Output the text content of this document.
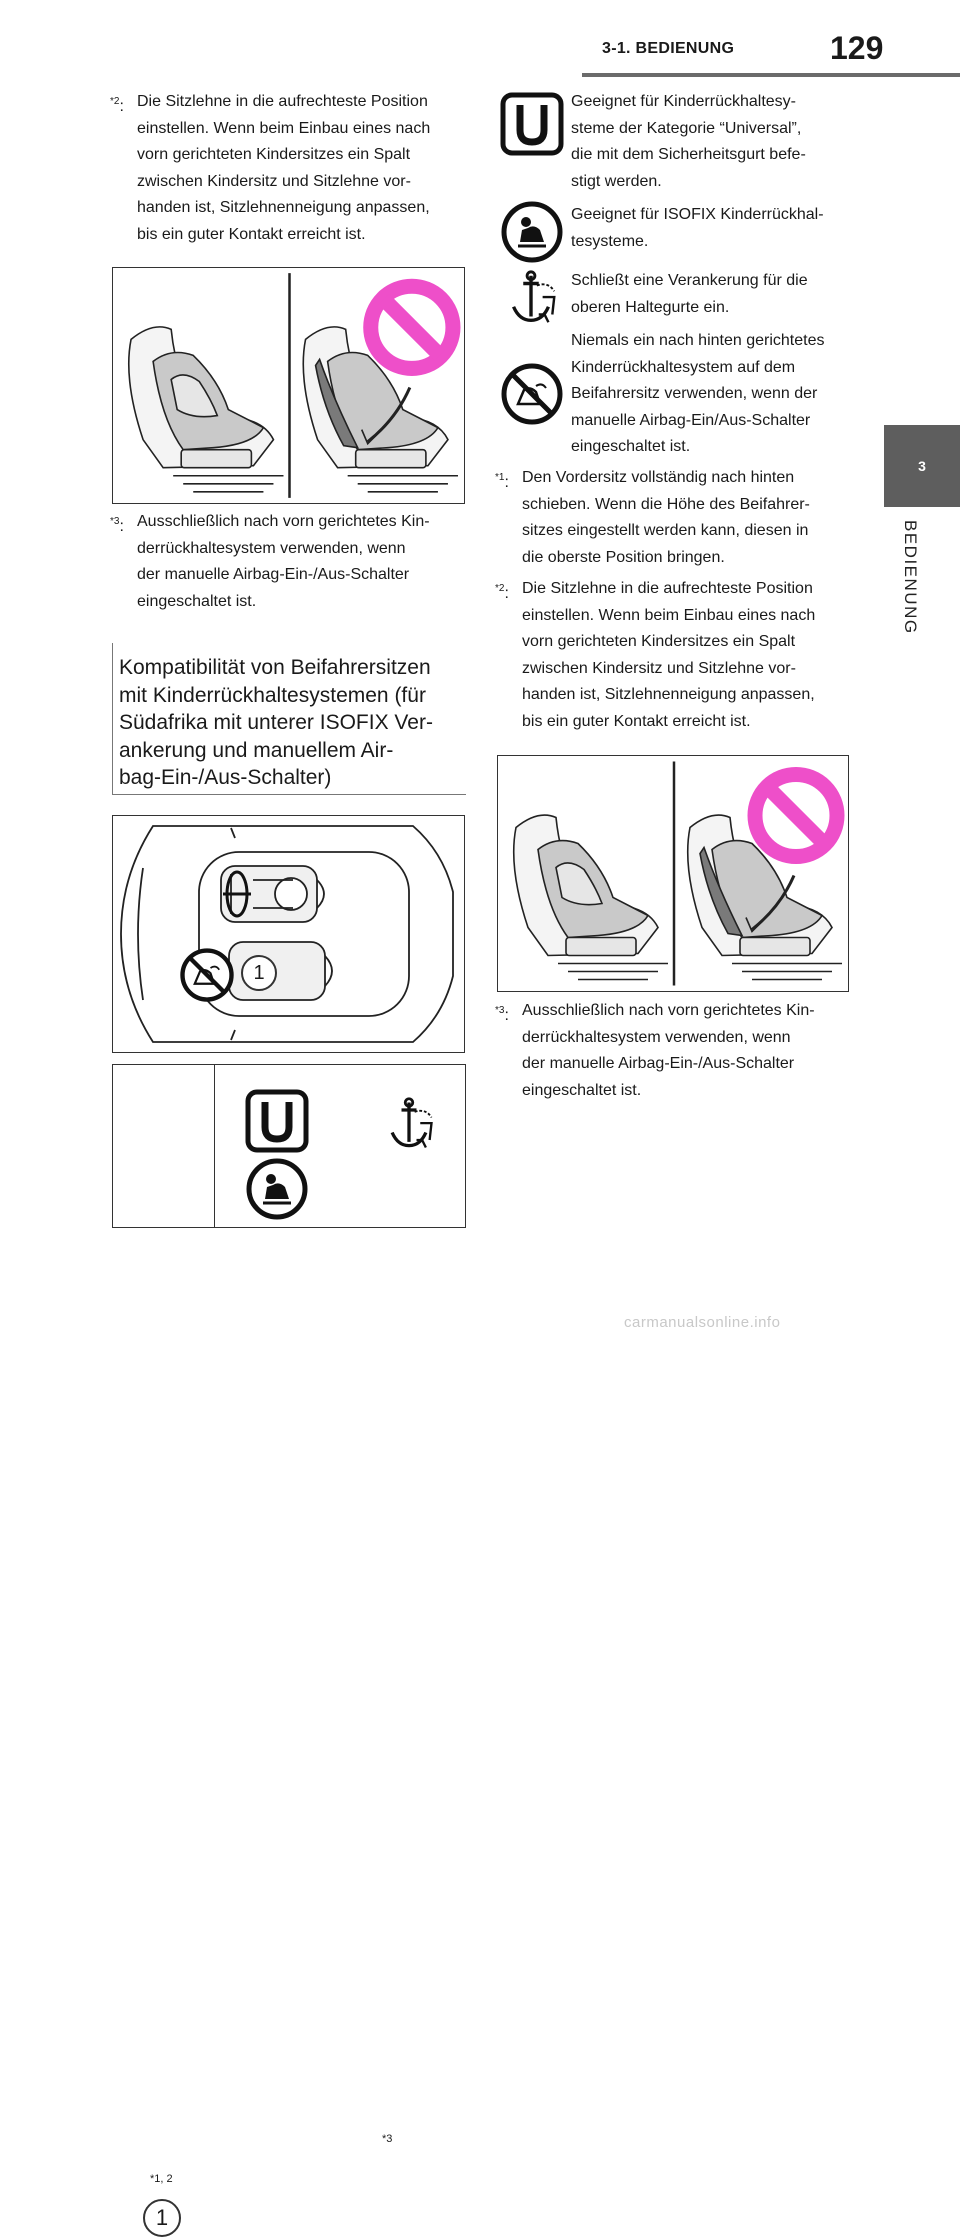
3-1. BEDIENUNG	129
3
BEDIENUNG
$^{*2}$: Die Sitzlehne in die aufrechteste Position
einstellen. Wenn beim Einbau eines nach
vorn gerichteten Kindersitzes ein Spalt
zwischen Kindersitz und Sitzlehne vor-
handen ist, Sitzlehnenneigung anpassen,
bis ein guter Kontakt erreicht ist.
$^{*3}$: Ausschließlich nach vorn gerichtetes Kin-
derrückhaltesystem verwenden, wenn
der manuelle Airbag-Ein-/Aus-Schalter
eingeschaltet ist.
Kompatibilität von Beifahrersitzen
mit Kinderrückhaltesystemen (für
Südafrika mit unterer ISOFIX Ver-
ankerung und manuellem Air-
bag-Ein-/Aus-Schalter)
1
*1, 2
1
*3
Geeignet für Kinderrückhaltesy-
steme der Kategorie “Universal”,
die mit dem Sicherheitsgurt befe-
stigt werden.
Geeignet für ISOFIX Kinderrückhal-
tesysteme.
Schließt eine Verankerung für die
oberen Haltegurte ein.
Niemals ein nach hinten gerichtetes
Kinderrückhaltesystem auf dem
Beifahrersitz verwenden, wenn der
manuelle Airbag-Ein/Aus-Schalter
eingeschaltet ist.
$^{*1}$: Den Vordersitz vollständig nach hinten
schieben. Wenn die Höhe des Beifahrer-
sitzes eingestellt werden kann, diesen in
die oberste Position bringen.
$^{*2}$: Die Sitzlehne in die aufrechteste Position
einstellen. Wenn beim Einbau eines nach
vorn gerichteten Kindersitzes ein Spalt
zwischen Kindersitz und Sitzlehne vor-
handen ist, Sitzlehnenneigung anpassen,
bis ein guter Kontakt erreicht ist.
$^{*3}$: Ausschließlich nach vorn gerichtetes Kin-
derrückhaltesystem verwenden, wenn
der manuelle Airbag-Ein-/Aus-Schalter
eingeschaltet ist.
carmanualsonline.info
